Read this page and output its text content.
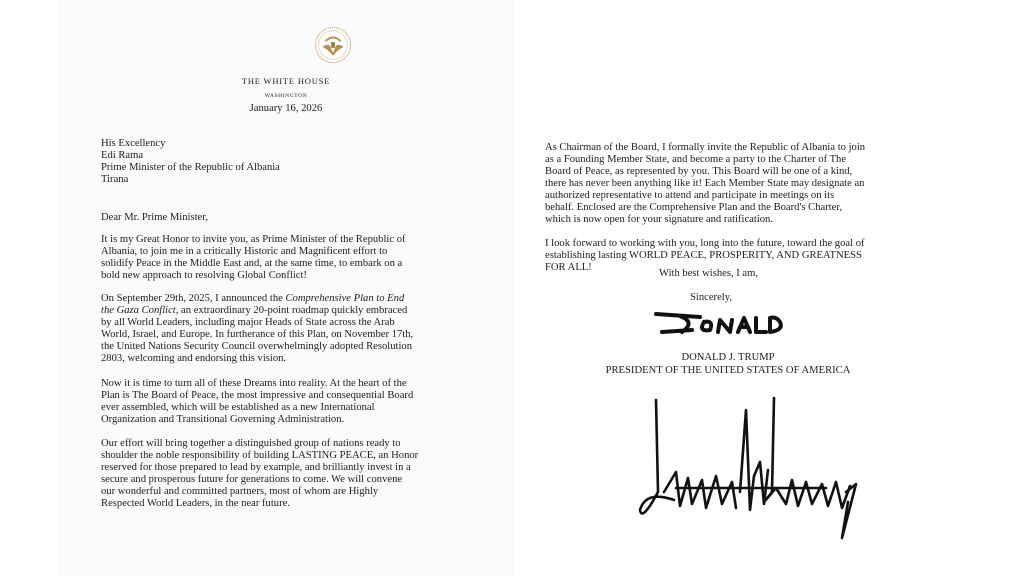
THE WHITE HOUSE
WASHINGTON
January 16, 2026
His Excellency
Edi Rama
Prime Minister of the Republic of Albania
Tirana
Dear Mr. Prime Minister,
It is my Great Honor to invite you, as Prime Minister of the Republic of
Albania, to join me in a critically Historic and Magnificent effort to
solidify Peace in the Middle East and, at the same time, to embark on a
bold new approach to resolving Global Conflict!
On September 29th, 2025, I announced the Comprehensive Plan to End
the Gaza Conflict, an extraordinary 20-point roadmap quickly embraced
by all World Leaders, including major Heads of State across the Arab
World, Israel, and Europe. In furtherance of this Plan, on November 17th,
the United Nations Security Council overwhelmingly adopted Resolution
2803, welcoming and endorsing this vision.
Now it is time to turn all of these Dreams into reality. At the heart of the
Plan is The Board of Peace, the most impressive and consequential Board
ever assembled, which will be established as a new International
Organization and Transitional Governing Administration.
Our effort will bring together a distinguished group of nations ready to
shoulder the noble responsibility of building LASTING PEACE, an Honor
reserved for those prepared to lead by example, and brilliantly invest in a
secure and prosperous future for generations to come. We will convene
our wonderful and committed partners, most of whom are Highly
Respected World Leaders, in the near future.
As Chairman of the Board, I formally invite the Republic of Albania to join
as a Founding Member State, and become a party to the Charter of The
Board of Peace, as represented by you. This Board will be one of a kind,
there has never been anything like it! Each Member State may designate an
authorized representative to attend and participate in meetings on its
behalf. Enclosed are the Comprehensive Plan and the Board's Charter,
which is now open for your signature and ratification.
I look forward to working with you, long into the future, toward the goal of
establishing lasting WORLD PEACE, PROSPERITY, AND GREATNESS
FOR ALL!
With best wishes, I am,
Sincerely,
DONALD J. TRUMP
PRESIDENT OF THE UNITED STATES OF AMERICA
